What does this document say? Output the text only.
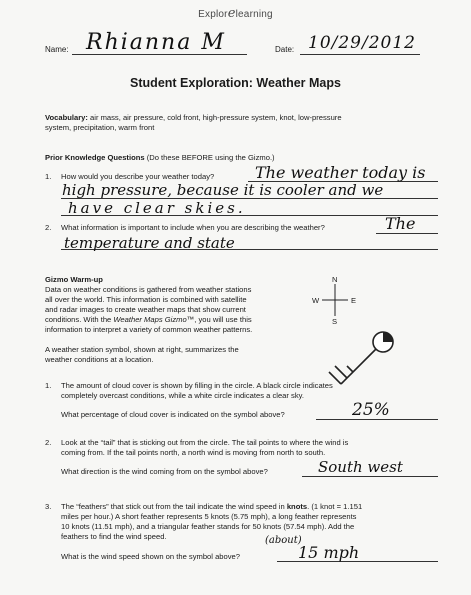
Explorelearning
Name: Rhianna M	Date: 10/29/2012
Student Exploration: Weather Maps
Vocabulary: air mass, air pressure, cold front, high-pressure system, knot, low-pressure
system, precipitation, warm front
Prior Knowledge Questions (Do these BEFORE using the Gizmo.)
1. How would you describe your weather today?	The weather today is
high pressure, because it is cooler and we
have clear skies.
2. What information is important to include when you are describing the weather?	The
temperature and state
Gizmo Warm-up
Data on weather conditions is gathered from weather stations
all over the world. This information is combined with satellite
and radar images to create weather maps that show current
conditions. With the Weather Maps Gizmo™, you will use this
information to interpret a variety of common weather patterns.
A weather station symbol, shown at right, summarizes the
weather conditions at a location.
N
S
E
W
1. The amount of cloud cover is shown by filling in the circle. A black circle indicates
completely overcast conditions, while a white circle indicates a clear sky.
What percentage of cloud cover is indicated on the symbol above?	25%
2. Look at the “tail” that is sticking out from the circle. The tail points to where the wind is
coming from. If the tail points north, a north wind is moving from north to south.
What direction is the wind coming from on the symbol above?	South west
3. The “feathers” that stick out from the tail indicate the wind speed in knots. (1 knot = 1.151
miles per hour.) A short feather represents 5 knots (5.75 mph), a long feather represents
10 knots (11.51 mph), and a triangular feather stands for 50 knots (57.54 mph). Add the
feathers to find the wind speed.
What is the wind speed shown on the symbol above?
(about)
15 mph
